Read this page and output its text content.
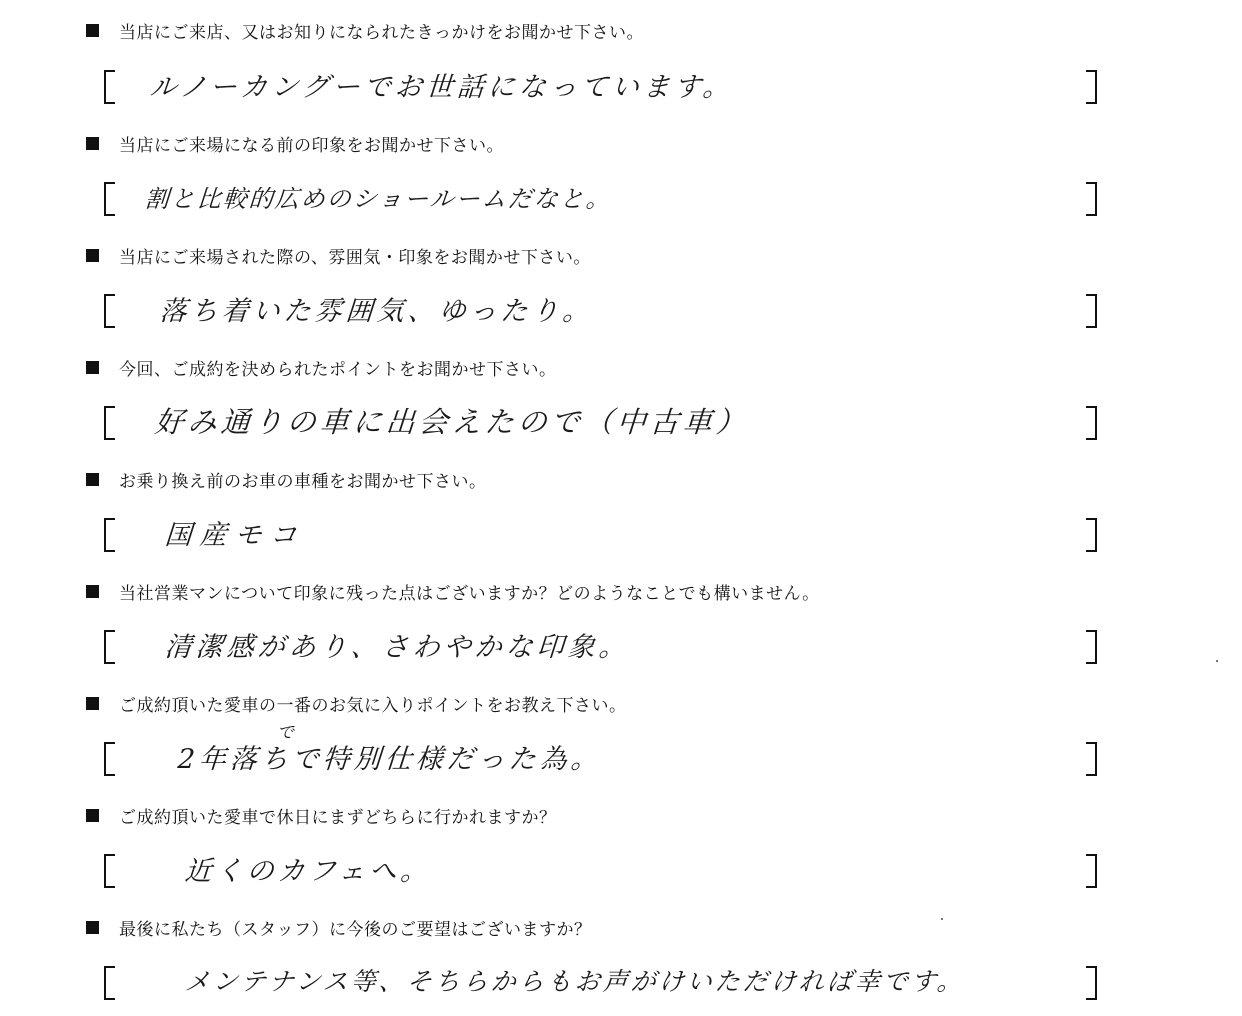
当店にご来店、又はお知りになられたきっかけをお聞かせ下さい。
ルノーカングーでお世話になっています。
当店にご来場になる前の印象をお聞かせ下さい。
割と比較的広めのショールームだなと。
当店にご来場された際の、雰囲気・印象をお聞かせ下さい。
落ち着いた雰囲気、ゆったり。
今回、ご成約を決められたポイントをお聞かせ下さい。
好み通りの車に出会えたので（中古車）
お乗り換え前のお車の車種をお聞かせ下さい。
国産モコ
当社営業マンについて印象に残った点はございますか？どのようなことでも構いません。
清潔感があり、さわやかな印象。
ご成約頂いた愛車の一番のお気に入りポイントをお教え下さい。
で
2年落ちで特別仕様だった為。
ご成約頂いた愛車で休日にまずどちらに行かれますか？
近くのカフェへ。
最後に私たち（スタッフ）に今後のご要望はございますか？
メンテナンス等、そちらからもお声がけいただければ幸です。
